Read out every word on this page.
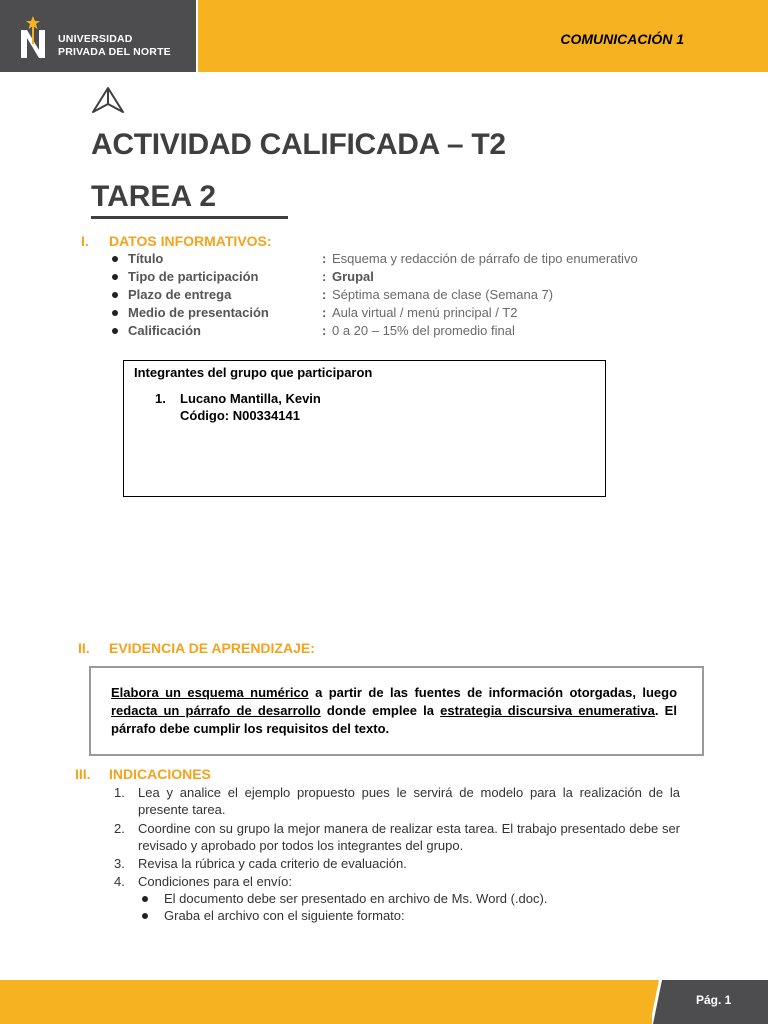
UNIVERSIDAD
PRIVADA DEL NORTE
COMUNICACIÓN 1
ACTIVIDAD CALIFICADA – T2
TAREA 2
I. DATOS INFORMATIVOS:
Título	: Esquema y redacción de párrafo de tipo enumerativo
Tipo de participación	: Grupal
Plazo de entrega	: Séptima semana de clase (Semana 7)
Medio de presentación	: Aula virtual / menú principal / T2
Calificación	: 0 a 20 – 15% del promedio final
Integrantes del grupo que participaron
1. Lucano Mantilla, Kevin
Código: N00334141
II. EVIDENCIA DE APRENDIZAJE:
Elabora un esquema numérico a partir de las fuentes de información otorgadas, luego redacta un párrafo de desarrollo donde emplee la estrategia discursiva enumerativa. El párrafo debe cumplir los requisitos del texto.
III. INDICACIONES
1. Lea y analice el ejemplo propuesto pues le servirá de modelo para la realización de la presente tarea.
2. Coordine con su grupo la mejor manera de realizar esta tarea. El trabajo presentado debe ser revisado y aprobado por todos los integrantes del grupo.
3. Revisa la rúbrica y cada criterio de evaluación.
4. Condiciones para el envío:
El documento debe ser presentado en archivo de Ms. Word (.doc).
Graba el archivo con el siguiente formato:
Pág. 1
